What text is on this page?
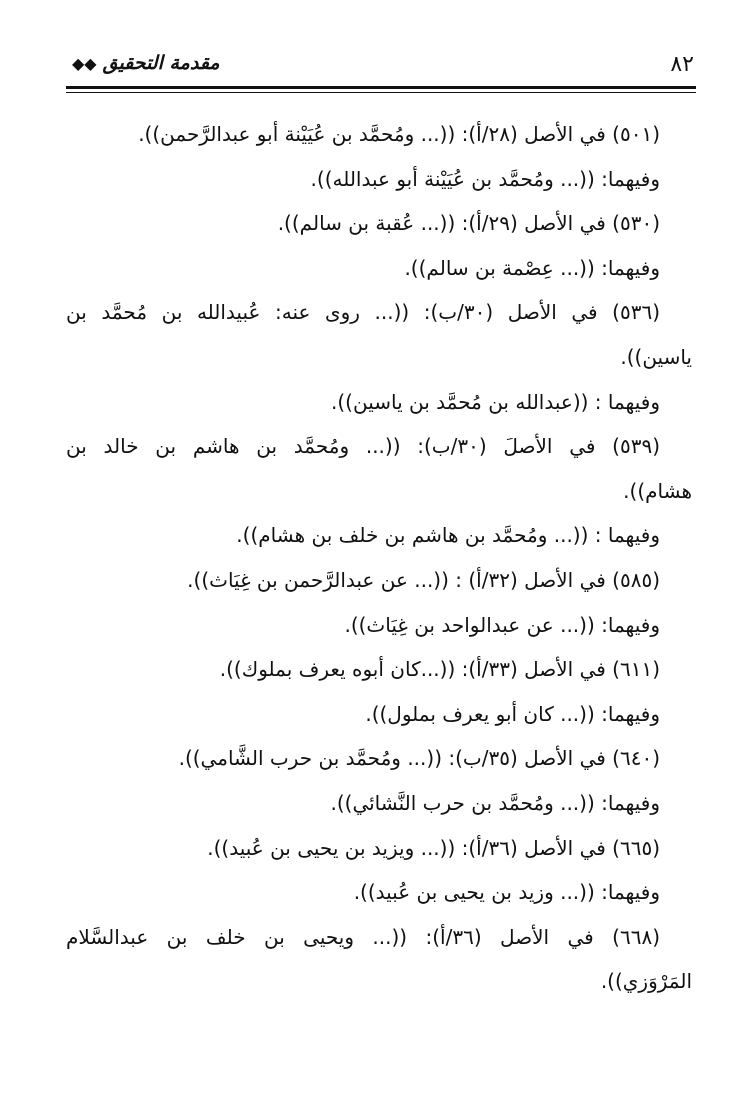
٨٢
مقدمة التحقيق◆◆
(٥٠١) في الأصل (٢٨/أ): ((... ومُحمَّد بن عُيَيْنة أبو عبدالرَّحمن)).
وفيهما: ((... ومُحمَّد بن عُيَيْنة أبو عبدالله)).
(٥٣٠) في الأصل (٢٩/أ): ((... عُقبة بن سالم)).
وفيهما: ((... عِصْمة بن سالم)).
(٥٣٦) في الأصل (٣٠/ب): ((... روى عنه: عُبيدالله بن مُحمَّد بن
ياسين)).
وفيهما : ((عبدالله بن مُحمَّد بن ياسين)).
(٥٣٩) في الأصلَ (٣٠/ب): ((... ومُحمَّد بن هاشم بن خالد بن
هشام)).
وفيهما : ((... ومُحمَّد بن هاشم بن خلف بن هشام)).
(٥٨٥) في الأصل (٣٢/أ) : ((... عن عبدالرَّحمن بن غِيَاث)).
وفيهما: ((... عن عبدالواحد بن غِيَاث)).
(٦١١) في الأصل (٣٣/أ): ((...كان أبوه يعرف بملوك)).
وفيهما: ((... كان أبو يعرف بملول)).
(٦٤٠) في الأصل (٣٥/ب): ((... ومُحمَّد بن حرب الشَّامي)).
وفيهما: ((... ومُحمَّد بن حرب النَّشائي)).
(٦٦٥) في الأصل (٣٦/أ): ((... ويزيد بن يحيى بن عُبيد)).
وفيهما: ((... وزيد بن يحيى بن عُبيد)).
(٦٦٨) في الأصل (٣٦/أ): ((... ويحيى بن خلف بن عبدالسَّلام
المَرْوَزي)).
